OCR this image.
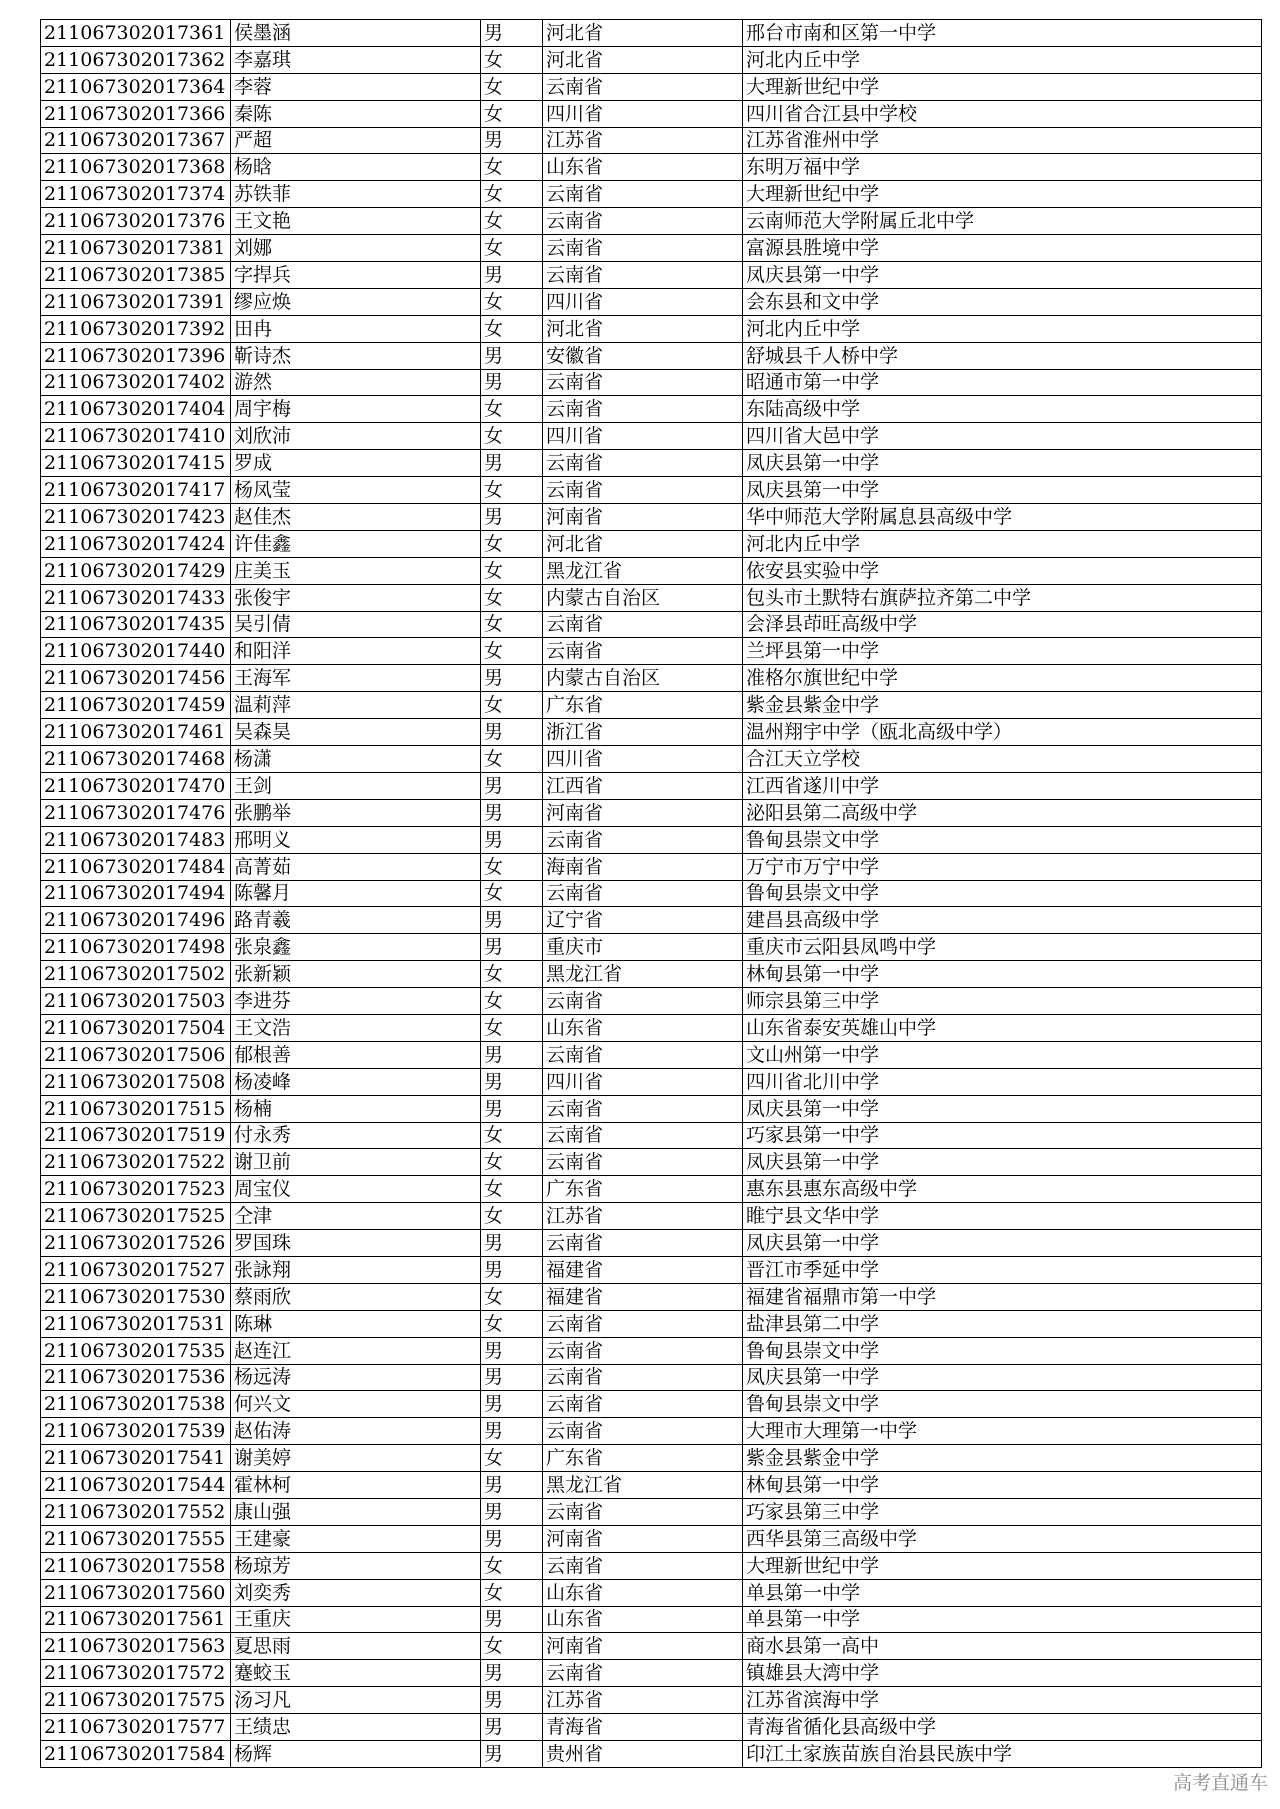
211067302017361	侯墨涵	男	河北省	邢台市南和区第一中学
211067302017362	李嘉琪	女	河北省	河北内丘中学
211067302017364	李蓉	女	云南省	大理新世纪中学
211067302017366	秦陈	女	四川省	四川省合江县中学校
211067302017367	严超	男	江苏省	江苏省淮州中学
211067302017368	杨晗	女	山东省	东明万福中学
211067302017374	苏铁菲	女	云南省	大理新世纪中学
211067302017376	王文艳	女	云南省	云南师范大学附属丘北中学
211067302017381	刘娜	女	云南省	富源县胜境中学
211067302017385	字捍兵	男	云南省	凤庆县第一中学
211067302017391	缪应焕	女	四川省	会东县和文中学
211067302017392	田冉	女	河北省	河北内丘中学
211067302017396	靳诗杰	男	安徽省	舒城县千人桥中学
211067302017402	游然	男	云南省	昭通市第一中学
211067302017404	周宇梅	女	云南省	东陆高级中学
211067302017410	刘欣沛	女	四川省	四川省大邑中学
211067302017415	罗成	男	云南省	凤庆县第一中学
211067302017417	杨凤莹	女	云南省	凤庆县第一中学
211067302017423	赵佳杰	男	河南省	华中师范大学附属息县高级中学
211067302017424	许佳鑫	女	河北省	河北内丘中学
211067302017429	庄美玉	女	黑龙江省	依安县实验中学
211067302017433	张俊宇	女	内蒙古自治区	包头市土默特右旗萨拉齐第二中学
211067302017435	吴引倩	女	云南省	会泽县茚旺高级中学
211067302017440	和阳洋	女	云南省	兰坪县第一中学
211067302017456	王海军	男	内蒙古自治区	准格尔旗世纪中学
211067302017459	温莉萍	女	广东省	紫金县紫金中学
211067302017461	吴森昊	男	浙江省	温州翔宇中学（瓯北高级中学）
211067302017468	杨潇	女	四川省	合江天立学校
211067302017470	王剑	男	江西省	江西省遂川中学
211067302017476	张鹏举	男	河南省	泌阳县第二高级中学
211067302017483	邢明义	男	云南省	鲁甸县崇文中学
211067302017484	高菁茹	女	海南省	万宁市万宁中学
211067302017494	陈馨月	女	云南省	鲁甸县崇文中学
211067302017496	路青羲	男	辽宁省	建昌县高级中学
211067302017498	张泉鑫	男	重庆市	重庆市云阳县凤鸣中学
211067302017502	张新颖	女	黑龙江省	林甸县第一中学
211067302017503	李进芬	女	云南省	师宗县第三中学
211067302017504	王文浩	女	山东省	山东省泰安英雄山中学
211067302017506	郁根善	男	云南省	文山州第一中学
211067302017508	杨凌峰	男	四川省	四川省北川中学
211067302017515	杨楠	男	云南省	凤庆县第一中学
211067302017519	付永秀	女	云南省	巧家县第一中学
211067302017522	谢卫前	女	云南省	凤庆县第一中学
211067302017523	周宝仪	女	广东省	惠东县惠东高级中学
211067302017525	仝津	女	江苏省	睢宁县文华中学
211067302017526	罗国珠	男	云南省	凤庆县第一中学
211067302017527	张詠翔	男	福建省	晋江市季延中学
211067302017530	蔡雨欣	女	福建省	福建省福鼎市第一中学
211067302017531	陈琳	女	云南省	盐津县第二中学
211067302017535	赵连江	男	云南省	鲁甸县崇文中学
211067302017536	杨远涛	男	云南省	凤庆县第一中学
211067302017538	何兴文	男	云南省	鲁甸县崇文中学
211067302017539	赵佑涛	男	云南省	大理市大理第一中学
211067302017541	谢美婷	女	广东省	紫金县紫金中学
211067302017544	霍林柯	男	黑龙江省	林甸县第一中学
211067302017552	康山强	男	云南省	巧家县第三中学
211067302017555	王建豪	男	河南省	西华县第三高级中学
211067302017558	杨琼芳	女	云南省	大理新世纪中学
211067302017560	刘奕秀	女	山东省	单县第一中学
211067302017561	王重庆	男	山东省	单县第一中学
211067302017563	夏思雨	女	河南省	商水县第一高中
211067302017572	蹇蛟玉	男	云南省	镇雄县大湾中学
211067302017575	汤习凡	男	江苏省	江苏省滨海中学
211067302017577	王绩忠	男	青海省	青海省循化县高级中学
211067302017584	杨辉	男	贵州省	印江土家族苗族自治县民族中学
高考直通车
